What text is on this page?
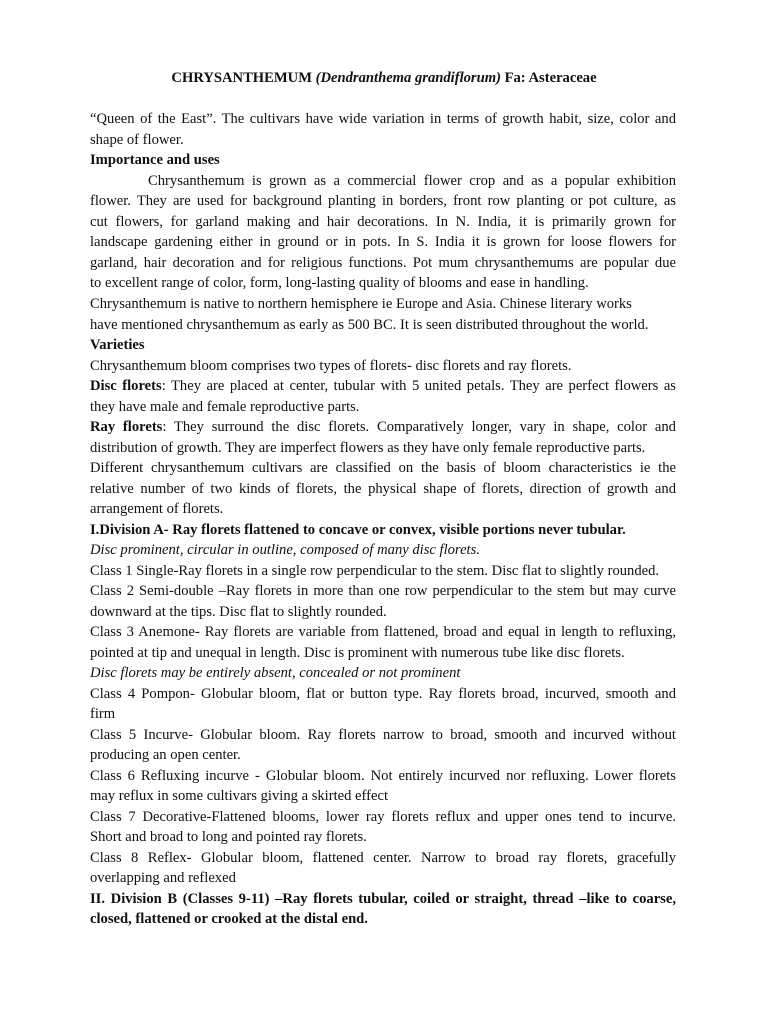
CHRYSANTHEMUM (Dendranthema grandiflorum) Fa: Asteraceae
“Queen of the East”. The cultivars have wide variation in terms of growth habit, size, color and
shape of flower.
Importance and uses
Chrysanthemum is grown as a commercial flower crop and as a popular exhibition
flower. They are used for background planting in borders, front row planting or pot culture, as
cut flowers, for garland making and hair decorations. In N. India, it is primarily grown for
landscape gardening either in ground or in pots. In S. India it is grown for loose flowers for
garland, hair decoration and for religious functions. Pot mum chrysanthemums are popular due
to excellent range of color, form, long-lasting quality of blooms and ease in handling.
Chrysanthemum is native to northern hemisphere ie Europe and Asia. Chinese literary works
have mentioned chrysanthemum as early as 500 BC. It is seen distributed throughout the world.
Varieties
Chrysanthemum bloom comprises two types of florets- disc florets and ray florets.
Disc florets: They are placed at center, tubular with 5 united petals. They are perfect flowers as
they have male and female reproductive parts.
Ray florets: They surround the disc florets. Comparatively longer, vary in shape, color and
distribution of growth. They are imperfect flowers as they have only female reproductive parts.
Different chrysanthemum cultivars are classified on the basis of bloom characteristics ie the
relative number of two kinds of florets, the physical shape of florets, direction of growth and
arrangement of florets.
I.Division A- Ray florets flattened to concave or convex, visible portions never tubular.
Disc prominent, circular in outline, composed of many disc florets.
Class 1 Single-Ray florets in a single row perpendicular to the stem. Disc flat to slightly rounded.
Class 2 Semi-double –Ray florets in more than one row perpendicular to the stem but may curve
downward at the tips. Disc flat to slightly rounded.
Class 3 Anemone- Ray florets are variable from flattened, broad and equal in length to refluxing,
pointed at tip and unequal in length. Disc is prominent with numerous tube like disc florets.
Disc florets may be entirely absent, concealed or not prominent
Class 4 Pompon- Globular bloom, flat or button type. Ray florets broad, incurved, smooth and
firm
Class 5 Incurve- Globular bloom. Ray florets narrow to broad, smooth and incurved without
producing an open center.
Class 6 Refluxing incurve - Globular bloom. Not entirely incurved nor refluxing. Lower florets
may reflux in some cultivars giving a skirted effect
Class 7 Decorative-Flattened blooms, lower ray florets reflux and upper ones tend to incurve.
Short and broad to long and pointed ray florets.
Class 8 Reflex- Globular bloom, flattened center. Narrow to broad ray florets, gracefully
overlapping and reflexed
II. Division B (Classes 9-11) –Ray florets tubular, coiled or straight, thread –like to coarse,
closed, flattened or crooked at the distal end.
